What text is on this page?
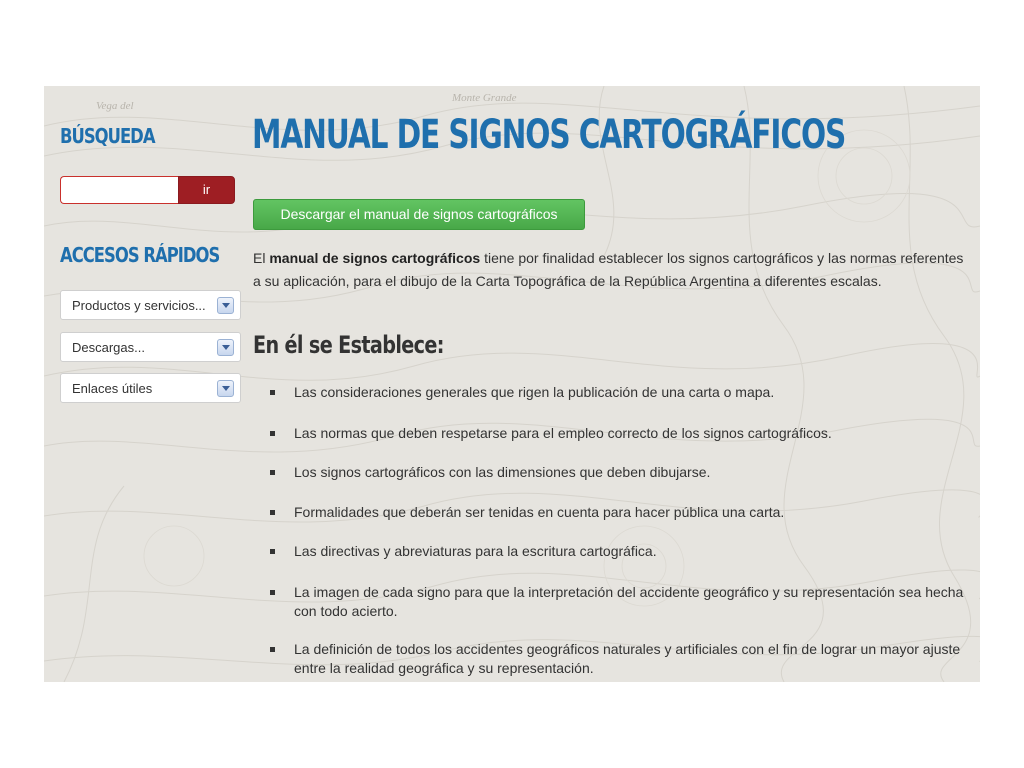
Vega del
Monte Grande
BÚSQUEDA
ir
ACCESOS RÁPIDOS
Productos y servicios...
Descargas...
Enlaces útiles
MANUAL DE SIGNOS CARTOGRÁFICOS
Descargar el manual de signos cartográficos

El manual de signos cartográficos tiene por finalidad establecer los signos cartográficos y las normas referentes a su aplicación, para el dibujo de la Carta Topográfica de la República Argentina a diferentes escalas.

En él se Establece:
Las consideraciones generales que rigen la publicación de una carta o mapa.
Las normas que deben respetarse para el empleo correcto de los signos cartográficos.
Los signos cartográficos con las dimensiones que deben dibujarse.
Formalidades que deberán ser tenidas en cuenta para hacer pública una carta.
Las directivas y abreviaturas para la escritura cartográfica.
La imagen de cada signo para que la interpretación del accidente geográfico y su representación sea hecha con todo acierto.
La definición de todos los accidentes geográficos naturales y artificiales con el fin de lograr un mayor ajuste entre la realidad geográfica y su representación.
